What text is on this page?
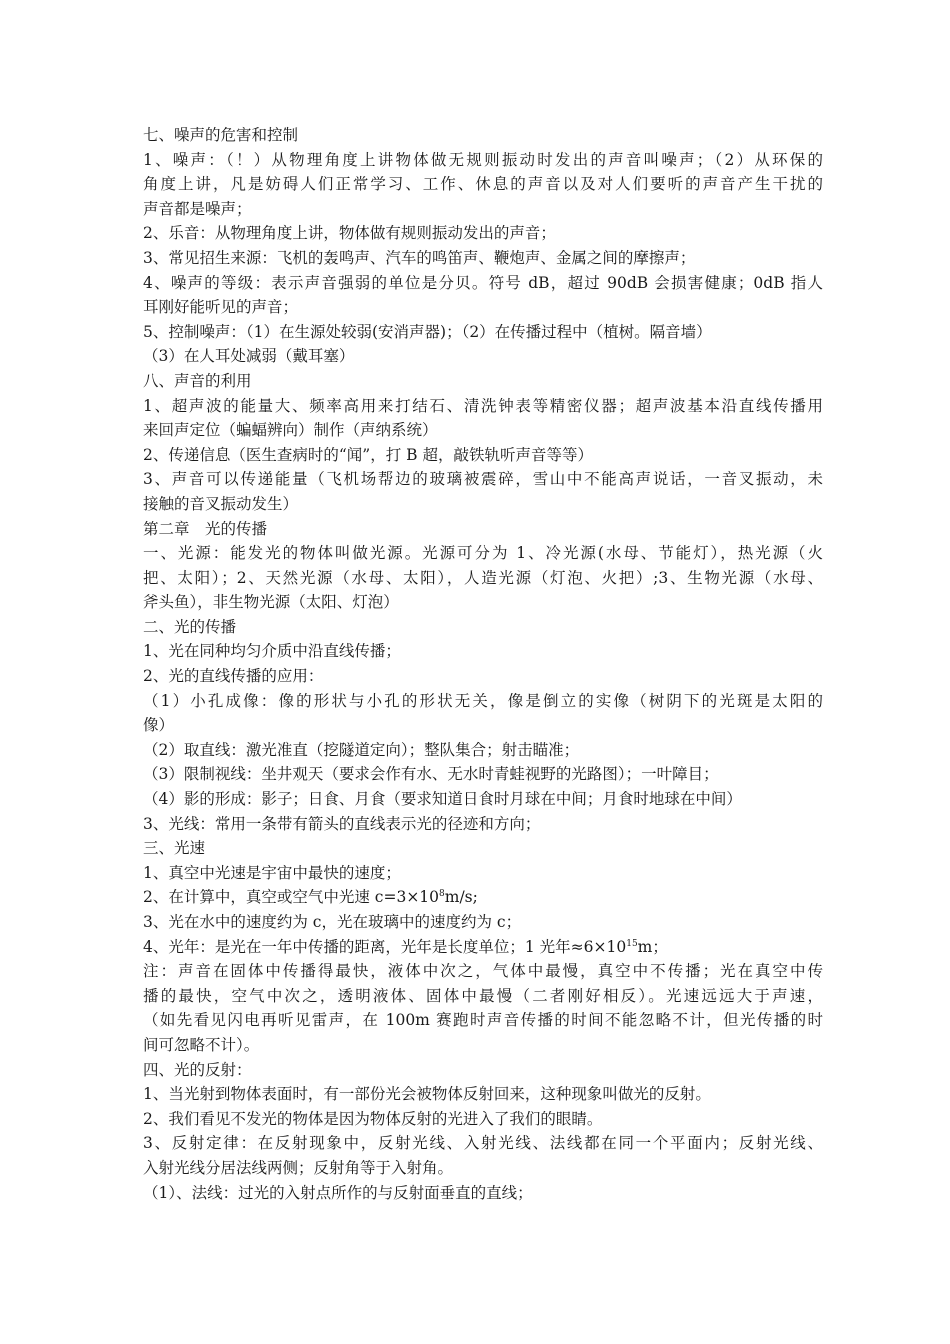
七、噪声的危害和控制

1、噪声：（！）从物理角度上讲物体做无规则振动时发出的声音叫噪声；（2）从环保的

角度上讲，凡是妨碍人们正常学习、工作、休息的声音以及对人们要听的声音产生干扰的

声音都是噪声；

2、乐音：从物理角度上讲，物体做有规则振动发出的声音；

3、常见招生来源：飞机的轰鸣声、汽车的鸣笛声、鞭炮声、金属之间的摩擦声；

4、噪声的等级：表示声音强弱的单位是分贝。符号 dB，超过 90dB 会损害健康；0dB 指人

耳刚好能听见的声音；

5、控制噪声：（1）在生源处较弱(安消声器)；（2）在传播过程中（植树。隔音墙）

（3）在人耳处减弱（戴耳塞）

八、声音的利用

1、超声波的能量大、频率高用来打结石、清洗钟表等精密仪器；超声波基本沿直线传播用

来回声定位（蝙蝠辨向）制作（声纳系统）

2、传递信息（医生查病时的“闻”，打 B 超，敲铁轨听声音等等）

3、声音可以传递能量（飞机场帮边的玻璃被震碎，雪山中不能高声说话，一音叉振动，未

接触的音叉振动发生）

第二章　光的传播

一、光源：能发光的物体叫做光源。光源可分为 1、冷光源(水母、节能灯），热光源（火

把、太阳）；2、天然光源（水母、太阳），人造光源（灯泡、火把）;3、生物光源（水母、

斧头鱼），非生物光源（太阳、灯泡）

二、光的传播

1、光在同种均匀介质中沿直线传播；

2、光的直线传播的应用：

（1）小孔成像：像的形状与小孔的形状无关，像是倒立的实像（树阴下的光斑是太阳的

像）

（2）取直线：激光准直（挖隧道定向）；整队集合；射击瞄准；

（3）限制视线：坐井观天（要求会作有水、无水时青蛙视野的光路图）；一叶障目；

（4）影的形成：影子；日食、月食（要求知道日食时月球在中间；月食时地球在中间）

3、光线：常用一条带有箭头的直线表示光的径迹和方向；

三、光速

1、真空中光速是宇宙中最快的速度；

2、在计算中，真空或空气中光速 $c=3\times 10^8m/s$;

3、光在水中的速度约为 c，光在玻璃中的速度约为 c；

4、光年：是光在一年中传播的距离，光年是长度单位；1 光年$\approx 6\times 10^{15}m$；

注：声音在固体中传播得最快，液体中次之，气体中最慢，真空中不传播；光在真空中传

播的最快，空气中次之，透明液体、固体中最慢（二者刚好相反）。光速远远大于声速，

（如先看见闪电再听见雷声，在 100m 赛跑时声音传播的时间不能忽略不计，但光传播的时

间可忽略不计）。

四、光的反射：

1、当光射到物体表面时，有一部份光会被物体反射回来，这种现象叫做光的反射。

2、我们看见不发光的物体是因为物体反射的光进入了我们的眼睛。

3、反射定律：在反射现象中，反射光线、入射光线、法线都在同一个平面内；反射光线、

入射光线分居法线两侧；反射角等于入射角。

（1）、法线：过光的入射点所作的与反射面垂直的直线；
